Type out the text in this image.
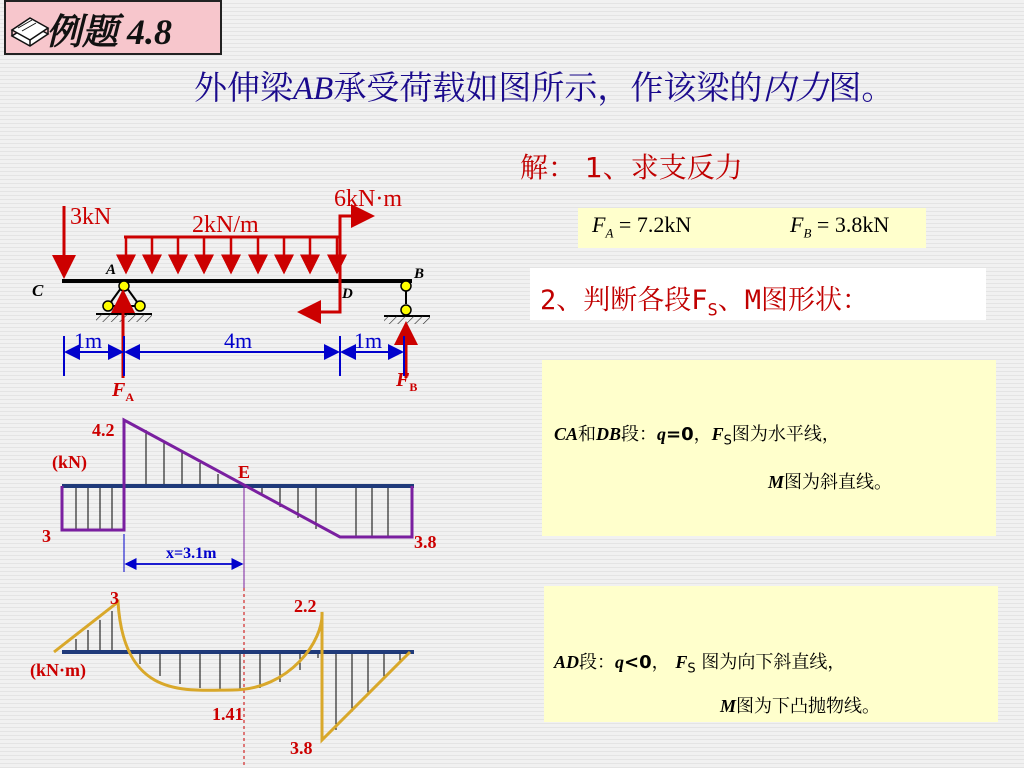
例题 4.8
外伸梁AB承受荷载如图所示，作该梁的内力图。
解： 1、求支反力
$F_A = 7.2kN$	$F_B = 3.8kN$
2、判断各段$F_S$、M图形状：
CA和DB段：q=0，$F_S$图为水平线，
M图为斜直线。
AD段：q<0， $F_S$ 图为向下斜直线，
M图为下凸抛物线。
3kN	2kN/m
6kN·m
A	B
C	D
$F_A$
$F_B$
1m	4m	1m
4.2
(kN)
3	3.8
E
x=3.1m
3	2.2
(kN·m)
1.41
3.8
